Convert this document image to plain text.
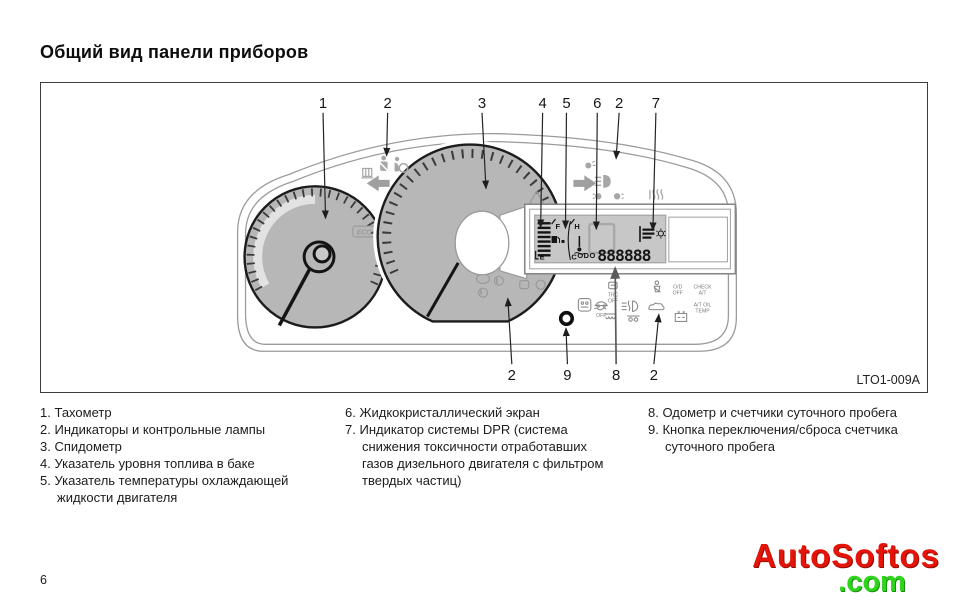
Общий вид панели приборов
ECO
F
E
H
C ODO 888888
TRC
OFF
OFF
O/D
OFF
CHECK
A/T
A/T OIL
TEMP
1	2	3	4 5 6 2 7
2	9	8 2	LTO1-009A
1. Тахометр
2. Индикаторы и контрольные лампы
3. Спидометр
4. Указатель уровня топлива в баке
5. Указатель температуры охлаждающей жидкости двигателя
6. Жидкокристаллический экран
7. Индикатор системы DPR (система снижения токсичности отработавших газов дизельного двигателя с фильтром твердых частиц)
8. Одометр и счетчики суточного пробега
9. Кнопка переключения/сброса счетчика суточного пробега
6
AutoSoftos
.com
